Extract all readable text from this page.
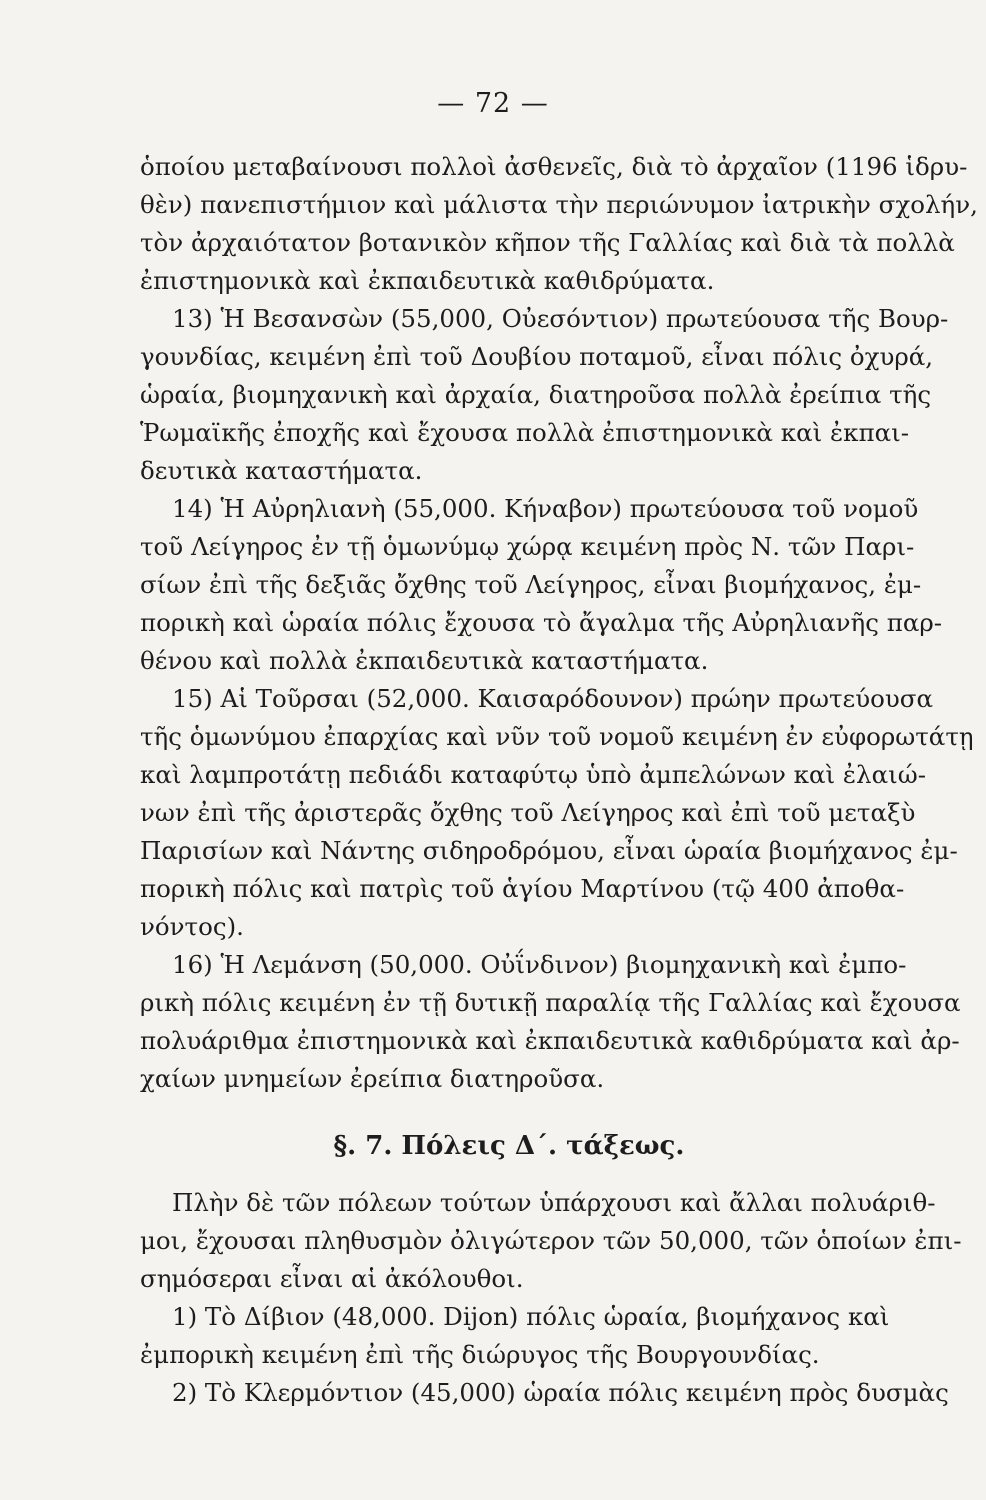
— 72 —
ὁποίου μεταβαίνουσι πολλοὶ ἀσθενεῖς, διὰ τὸ ἀρχαῖον (1196 ἱδρυ-
θὲν) πανεπιστήμιον καὶ μάλιστα τὴν περιώνυμον ἰατρικὴν σχολήν,
τὸν ἀρχαιότατον βοτανικὸν κῆπον τῆς Γαλλίας καὶ διὰ τὰ πολλὰ
ἐπιστημονικὰ καὶ ἐκπαιδευτικὰ καθιδρύματα.
13) Ἡ Βεσανσὼν (55,000, Οὐεσόντιον) πρωτεύουσα τῆς Βουρ-
γουνδίας, κειμένη ἐπὶ τοῦ Δουβίου ποταμοῦ, εἶναι πόλις ὀχυρά,
ὡραία, βιομηχανικὴ καὶ ἀρχαία, διατηροῦσα πολλὰ ἐρείπια τῆς
Ῥωμαϊκῆς ἐποχῆς καὶ ἔχουσα πολλὰ ἐπιστημονικὰ καὶ ἐκπαι-
δευτικὰ καταστήματα.
14) Ἡ Αὐρηλιανὴ (55,000. Κήναβον) πρωτεύουσα τοῦ νομοῦ
τοῦ Λείγηρος ἐν τῇ ὁμωνύμῳ χώρᾳ κειμένη πρὸς Ν. τῶν Παρι-
σίων ἐπὶ τῆς δεξιᾶς ὄχθης τοῦ Λείγηρος, εἶναι βιομήχανος, ἐμ-
πορικὴ καὶ ὡραία πόλις ἔχουσα τὸ ἄγαλμα τῆς Αὐρηλιανῆς παρ-
θένου καὶ πολλὰ ἐκπαιδευτικὰ καταστήματα.
15) Αἱ Τοῦρσαι (52,000. Καισαρόδουνον) πρώην πρωτεύουσα
τῆς ὁμωνύμου ἐπαρχίας καὶ νῦν τοῦ νομοῦ κειμένη ἐν εὐφορωτάτῃ
καὶ λαμπροτάτῃ πεδιάδι καταφύτῳ ὑπὸ ἀμπελώνων καὶ ἐλαιώ-
νων ἐπὶ τῆς ἀριστερᾶς ὄχθης τοῦ Λείγηρος καὶ ἐπὶ τοῦ μεταξὺ
Παρισίων καὶ Νάντης σιδηροδρόμου, εἶναι ὡραία βιομήχανος ἐμ-
πορικὴ πόλις καὶ πατρὶς τοῦ ἁγίου Μαρτίνου (τῷ 400 ἀποθα-
νόντος).
16) Ἡ Λεμάνση (50,000. Οὐΐνδινον) βιομηχανικὴ καὶ ἐμπο-
ρικὴ πόλις κειμένη ἐν τῇ δυτικῇ παραλίᾳ τῆς Γαλλίας καὶ ἔχουσα
πολυάριθμα ἐπιστημονικὰ καὶ ἐκπαιδευτικὰ καθιδρύματα καὶ ἀρ-
χαίων μνημείων ἐρείπια διατηροῦσα.
§. 7. Πόλεις Δ΄. τάξεως.
Πλὴν δὲ τῶν πόλεων τούτων ὑπάρχουσι καὶ ἄλλαι πολυάριθ-
μοι, ἔχουσαι πληθυσμὸν ὀλιγώτερον τῶν 50,000, τῶν ὁποίων ἐπι-
σημόσεραι εἶναι αἱ ἀκόλουθοι.
1) Τὸ Δίβιον (48,000. Dijon) πόλις ὡραία, βιομήχανος καὶ
ἐμπορικὴ κειμένη ἐπὶ τῆς διώρυγος τῆς Βουργουνδίας.
2) Τὸ Κλερμόντιον (45,000) ὡραία πόλις κειμένη πρὸς δυσμὰς
